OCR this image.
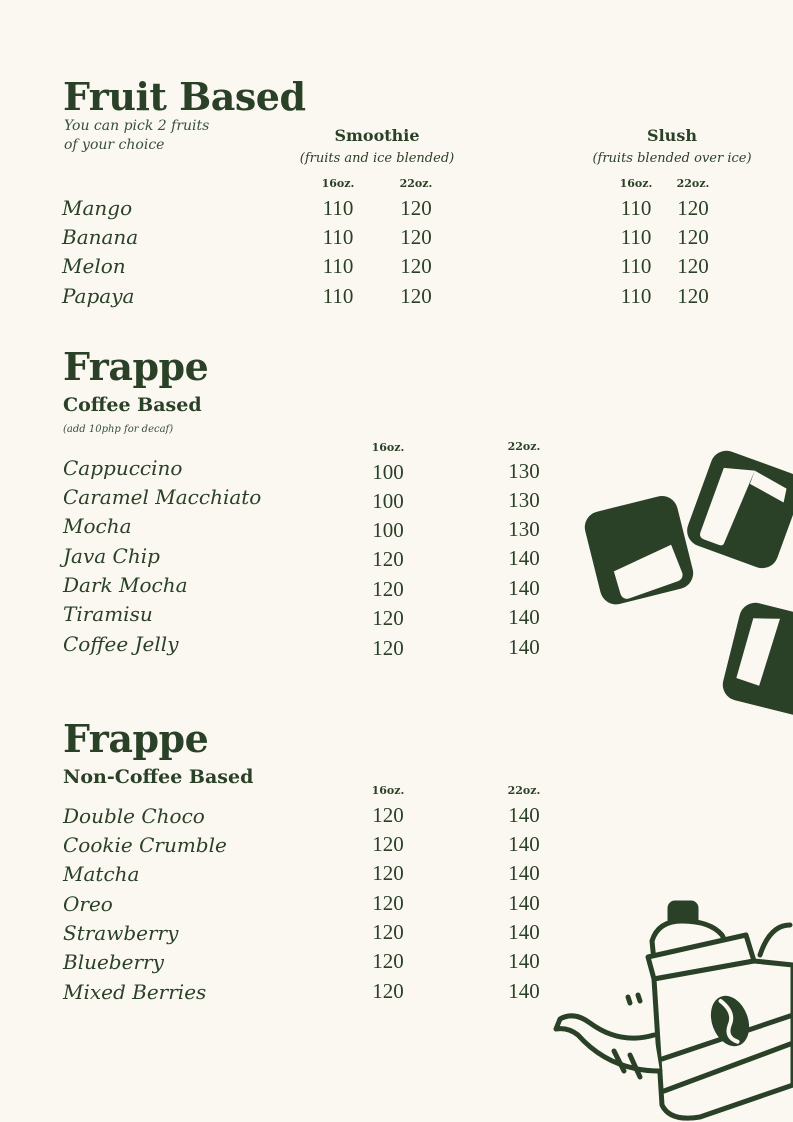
Fruit Based
You can pick 2 fruits
of your choice	Smoothie
(fruits and ice blended)
16oz.	22oz.
Slush
(fruits blended over ice)
16oz.	22oz.
Mango	110	120	110	120
Banana	110	120	110	120
Melon	110	120	110	120
Papaya	110	120	110	120
Frappe
Coffee Based
(add 10php for decaf)
16oz.	22oz.
Cappuccino	100	130
Caramel Macchiato	100	130
Mocha	100	130
Java Chip	120	140
Dark Mocha	120	140
Tiramisu	120	140
Coffee Jelly	120	140
Frappe
Non-Coffee Based
16oz.	22oz.
Double Choco	120	140
Cookie Crumble	120	140
Matcha	120	140
Oreo	120	140
Strawberry	120	140
Blueberry	120	140
Mixed Berries	120	140
